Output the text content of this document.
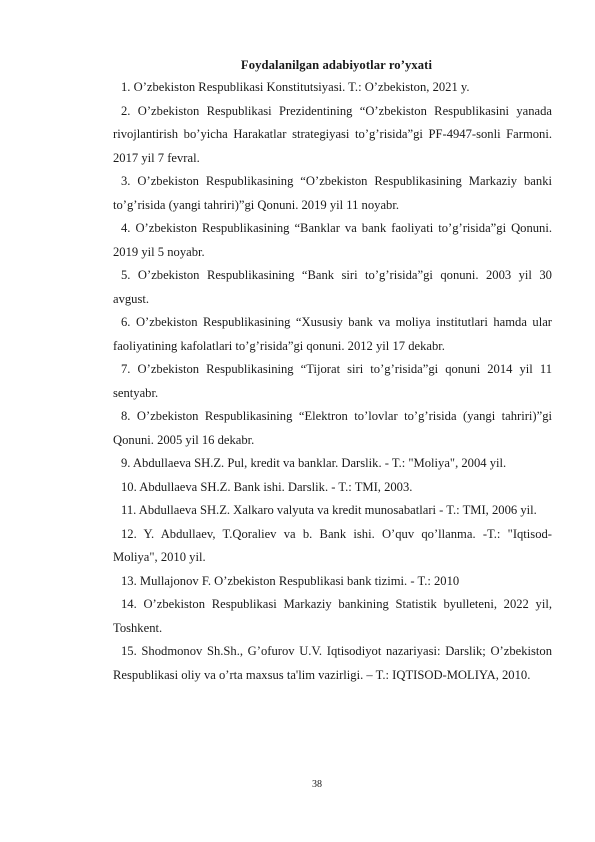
Foydalanilgan adabiyotlar ro’yxati

1. O’zbekiston Respublikasi Konstitutsiyasi. T.: O’zbekiston, 2021 y.

2. O’zbekiston Respublikasi Prezidentining “O’zbekiston Respublikasini yanada rivojlantirish bo’yicha Harakatlar strategiyasi to’g’risida”gi PF-4947-sonli Farmoni. 2017 yil 7 fevral.

3. O’zbekiston Respublikasining “O’zbekiston Respublikasining Markaziy banki to’g’risida (yangi tahriri)”gi Qonuni. 2019 yil 11 noyabr.

4. O’zbekiston Respublikasining “Banklar va bank faoliyati to’g’risida”gi Qonuni. 2019 yil 5 noyabr.

5. O’zbekiston Respublikasining “Bank siri to’g’risida”gi qonuni. 2003 yil 30 avgust.

6. O’zbekiston Respublikasining “Xususiy bank va moliya institutlari hamda ular faoliyatining kafolatlari to’g’risida”gi qonuni. 2012 yil 17 dekabr.

7. O’zbekiston Respublikasining “Tijorat siri to’g’risida”gi qonuni 2014 yil 11 sentyabr.

8. O’zbekiston Respublikasining “Elektron to’lovlar to’g’risida (yangi tahriri)”gi Qonuni. 2005 yil 16 dekabr.

9. Abdullaeva SH.Z. Pul, kredit va banklar. Darslik. - T.: "Moliya", 2004 yil.

10. Abdullaeva SH.Z. Bank ishi. Darslik. - T.: TMI, 2003.

11. Abdullaeva SH.Z. Xalkaro valyuta va kredit munosabatlari - T.: TMI, 2006 yil.

12. Y. Abdullaev, T.Qoraliev va b. Bank ishi. O’quv qo’llanma. -T.: "Iqtisod- Moliya", 2010 yil.

13. Mullajonov F. O’zbekiston Respublikasi bank tizimi. - T.: 2010

14. O’zbekiston Respublikasi Markaziy bankining Statistik byulleteni, 2022 yil, Toshkent.

15. Shodmonov Sh.Sh., G’ofurov U.V. Iqtisodiyot nazariyasi: Darslik; O’zbekiston Respublikasi oliy va o’rta maxsus ta'lim vazirligi. – T.: IQTISOD-MOLIYA, 2010.

38
